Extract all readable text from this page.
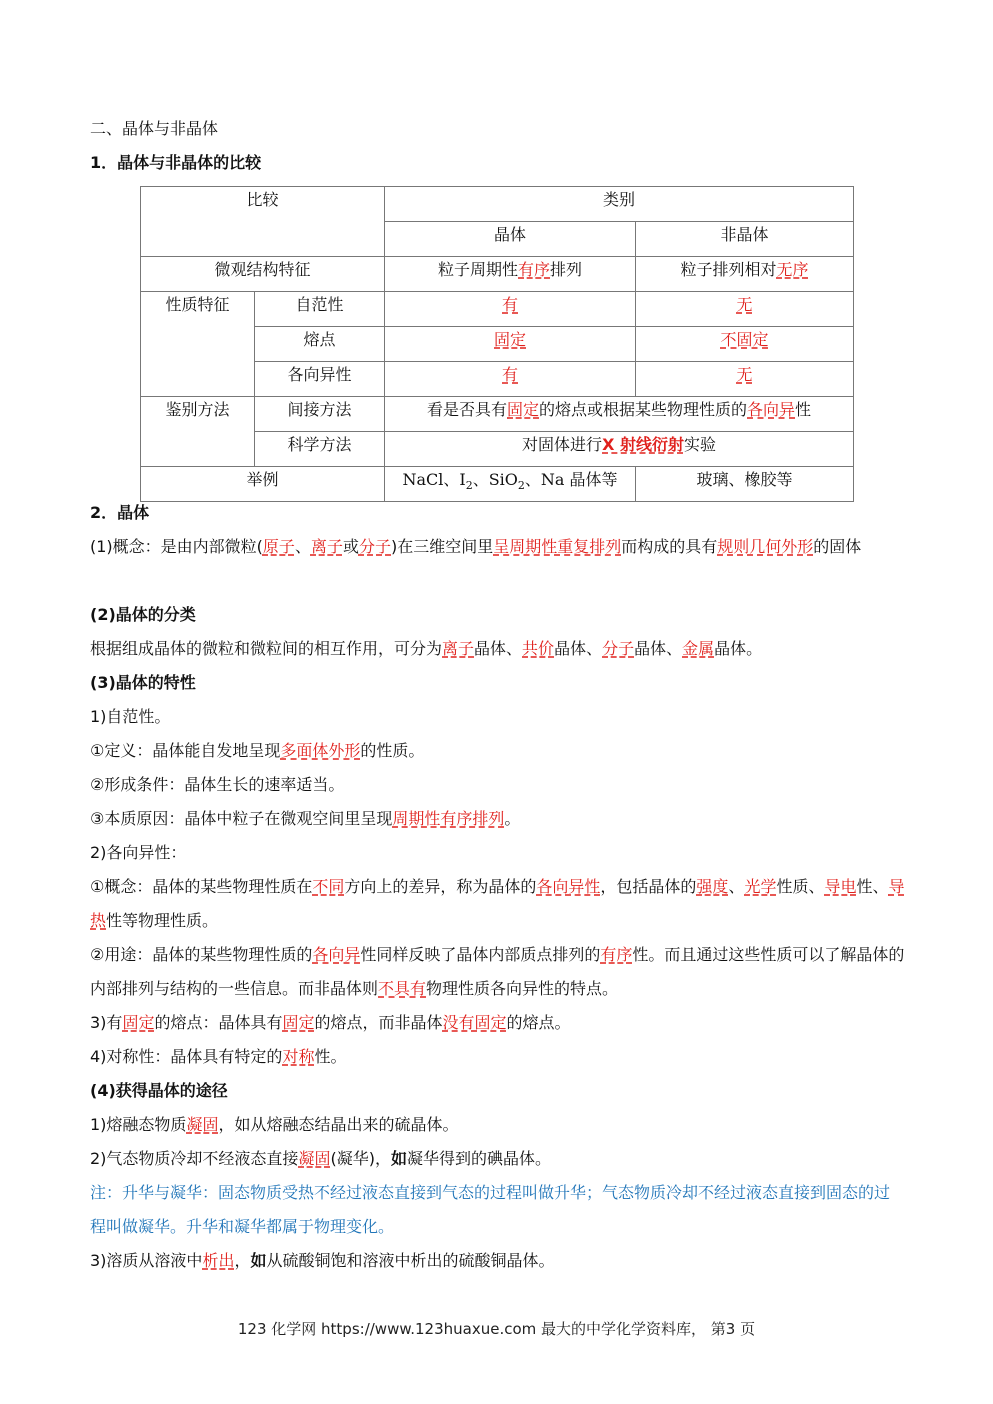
二、晶体与非晶体
1．晶体与非晶体的比较
比较		类别	
		晶体	非晶体
微观结构特征		粒子周期性有序排列	粒子排列相对无序
性质特征	自范性	有	无
	熔点	固定	不固定
	各向异性	有	无
鉴别方法	间接方法	看是否具有固定的熔点或根据某些物理性质的各向异性	
	科学方法	对固体进行X 射线衍射实验	
举例		NaCl、$I_2$、SiO$_2$、Na 晶体等	玻璃、橡胶等
2．晶体
(1)概念：是由内部微粒(原子、离子或分子)在三维空间里呈周期性重复排列而构成的具有规则几何外形的固体
(2)晶体的分类
根据组成晶体的微粒和微粒间的相互作用，可分为离子晶体、共价晶体、分子晶体、金属晶体。
(3)晶体的特性
1)自范性。
①定义：晶体能自发地呈现多面体外形的性质。
②形成条件：晶体生长的速率适当。
③本质原因：晶体中粒子在微观空间里呈现周期性有序排列。
2)各向异性：
①概念：晶体的某些物理性质在不同方向上的差异，称为晶体的各向异性，包括晶体的强度、光学性质、导电性、导热性等物理性质。
②用途：晶体的某些物理性质的各向异性同样反映了晶体内部质点排列的有序性。而且通过这些性质可以了解晶体的内部排列与结构的一些信息。而非晶体则不具有物理性质各向异性的特点。
3)有固定的熔点：晶体具有固定的熔点，而非晶体没有固定的熔点。
4)对称性：晶体具有特定的对称性。
(4)获得晶体的途径
1)熔融态物质凝固，如从熔融态结晶出来的硫晶体。
2)气态物质冷却不经液态直接凝固(凝华)，如凝华得到的碘晶体。
注：升华与凝华：固态物质受热不经过液态直接到气态的过程叫做升华；气态物质冷却不经过液态直接到固态的过程叫做凝华。升华和凝华都属于物理变化。
3)溶质从溶液中析出，如从硫酸铜饱和溶液中析出的硫酸铜晶体。
123 化学网 https://www.123huaxue.com 最大的中学化学资料库， 第3 页
